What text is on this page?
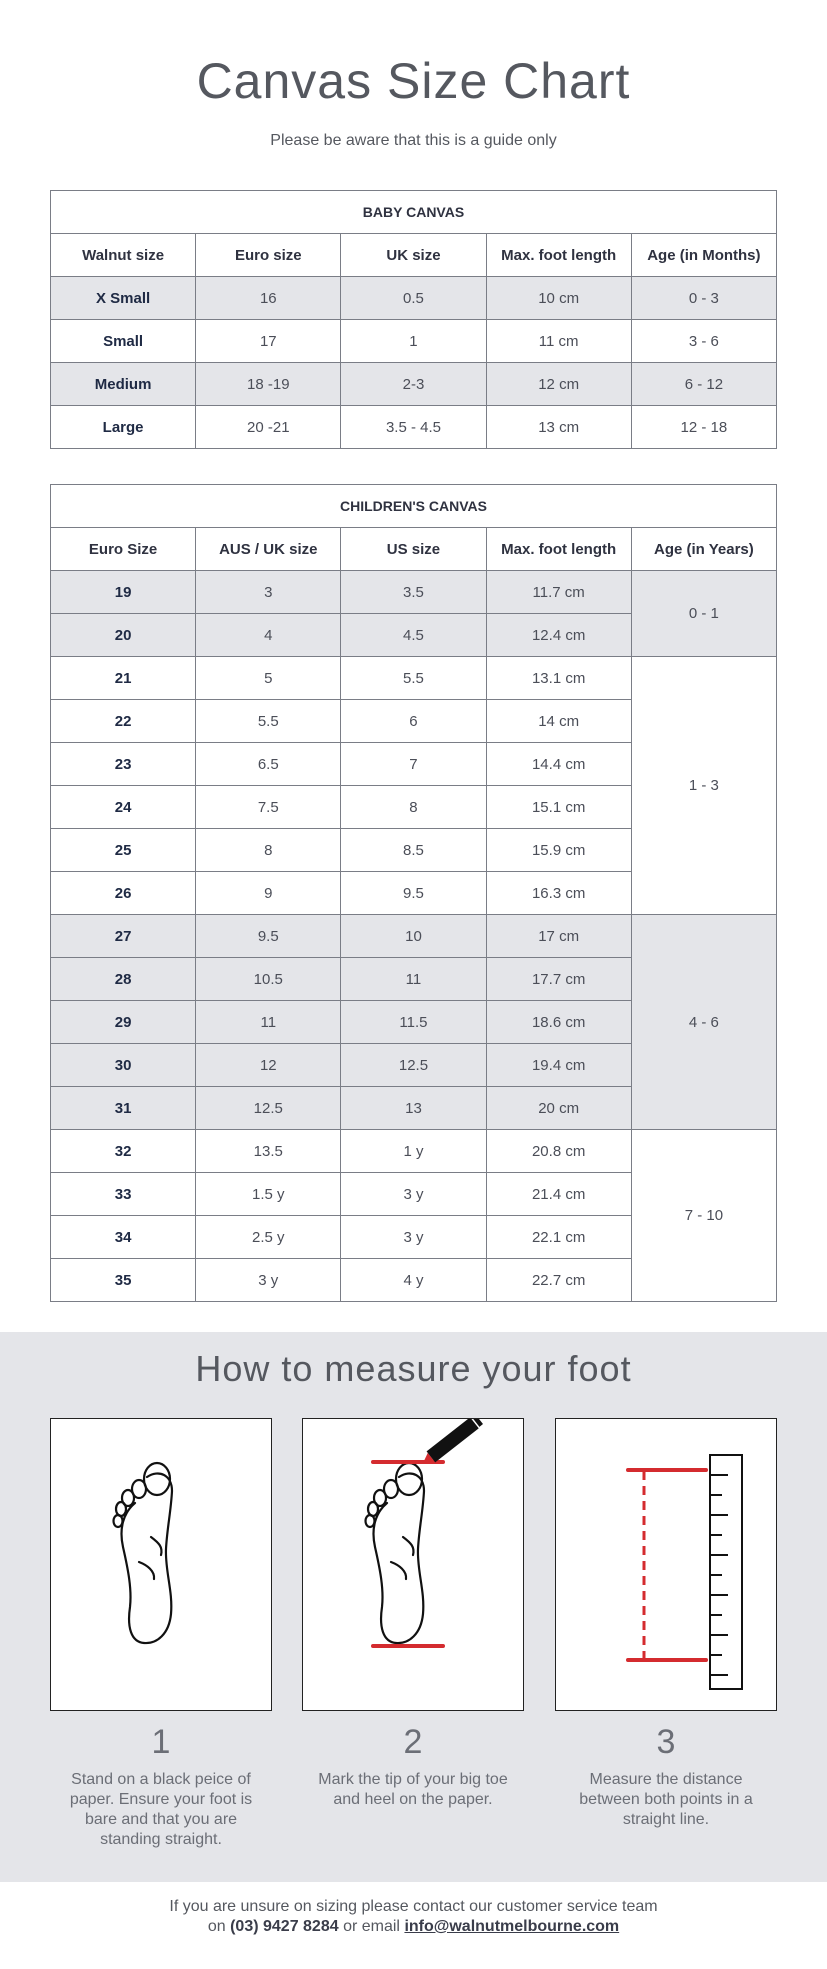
Canvas Size Chart
Please be aware that this is a guide only
BABY CANVAS				
Walnut size	Euro size	UK size	Max. foot length	Age (in Months)
X Small	16	0.5	10 cm	0 - 3
Small	17	1	11 cm	3 - 6
Medium	18 -19	2-3	12 cm	6 - 12
Large	20 -21	3.5 - 4.5	13 cm	12 - 18
CHILDREN'S CANVAS				
Euro Size	AUS / UK size	US size	Max. foot length	Age (in Years)
19	3	3.5	11.7 cm	0 - 1
20	4	4.5	12.4 cm	
21	5	5.5	13.1 cm	1 - 3
22	5.5	6	14 cm	
23	6.5	7	14.4 cm	
24	7.5	8	15.1 cm	
25	8	8.5	15.9 cm	
26	9	9.5	16.3 cm	
27	9.5	10	17 cm	4 - 6
28	10.5	11	17.7 cm	
29	11	11.5	18.6 cm	
30	12	12.5	19.4 cm	
31	12.5	13	20 cm	
32	13.5	1 y	20.8 cm	7 - 10
33	1.5 y	3 y	21.4 cm	
34	2.5 y	3 y	22.1 cm	
35	3 y	4 y	22.7 cm	
How to measure your foot
1
Stand on a black peice of paper. Ensure your foot is bare and that you are standing straight.
2
Mark the tip of your big toe and heel on the paper.
3
Measure the distance between both points in a straight line.
If you are unsure on sizing please contact our customer service team
on (03) 9427 8284 or email info@walnutmelbourne.com
